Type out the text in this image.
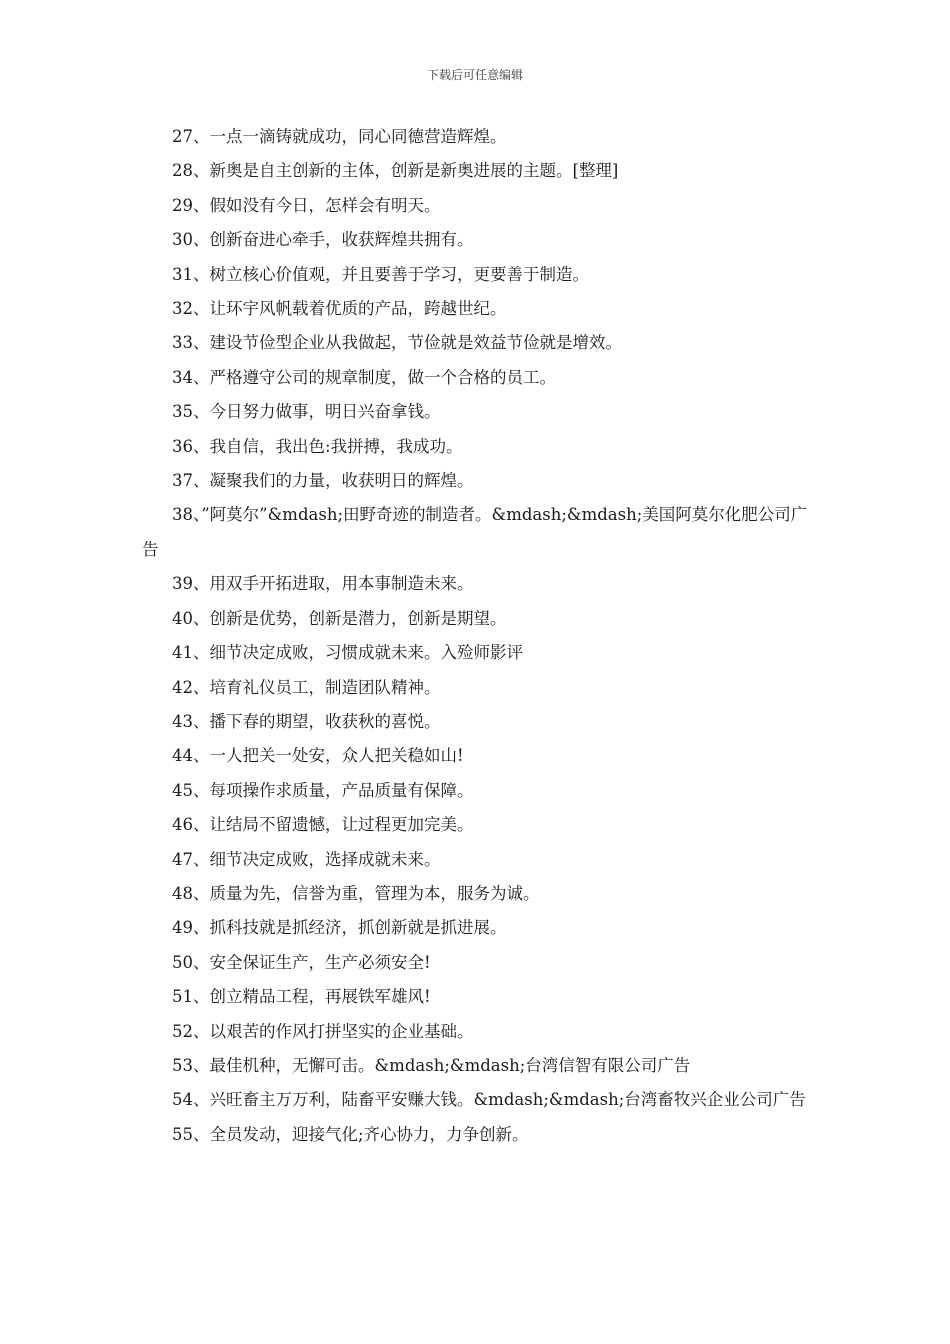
下载后可任意编辑

27、一点一滴铸就成功，同心同德营造辉煌。

28、新奥是自主创新的主体，创新是新奥进展的主题。[整理]

29、假如没有今日，怎样会有明天。

30、创新奋进心牵手，收获辉煌共拥有。

31、树立核心价值观，并且要善于学习，更要善于制造。

32、让环宇风帆载着优质的产品，跨越世纪。

33、建设节俭型企业从我做起，节俭就是效益节俭就是增效。

34、严格遵守公司的规章制度，做一个合格的员工。

35、今日努力做事，明日兴奋拿钱。

36、我自信，我出色:我拼搏，我成功。

37、凝聚我们的力量，收获明日的辉煌。

38、”阿莫尔”&mdash;田野奇迹的制造者。&mdash;&mdash;美国阿莫尔化肥公司广告

39、用双手开拓进取，用本事制造未来。

40、创新是优势，创新是潜力，创新是期望。

41、细节决定成败，习惯成就未来。入殓师影评

42、培育礼仪员工，制造团队精神。

43、播下春的期望，收获秋的喜悦。

44、一人把关一处安，众人把关稳如山!

45、每项操作求质量，产品质量有保障。

46、让结局不留遗憾，让过程更加完美。

47、细节决定成败，选择成就未来。

48、质量为先，信誉为重，管理为本，服务为诚。

49、抓科技就是抓经济，抓创新就是抓进展。

50、安全保证生产，生产必须安全!

51、创立精品工程，再展铁军雄风!

52、以艰苦的作风打拼坚实的企业基础。

53、最佳机种，无懈可击。&mdash;&mdash;台湾信智有限公司广告

54、兴旺畜主万万利，陆畜平安赚大钱。&mdash;&mdash;台湾畜牧兴企业公司广告

55、全员发动，迎接气化;齐心协力，力争创新。
